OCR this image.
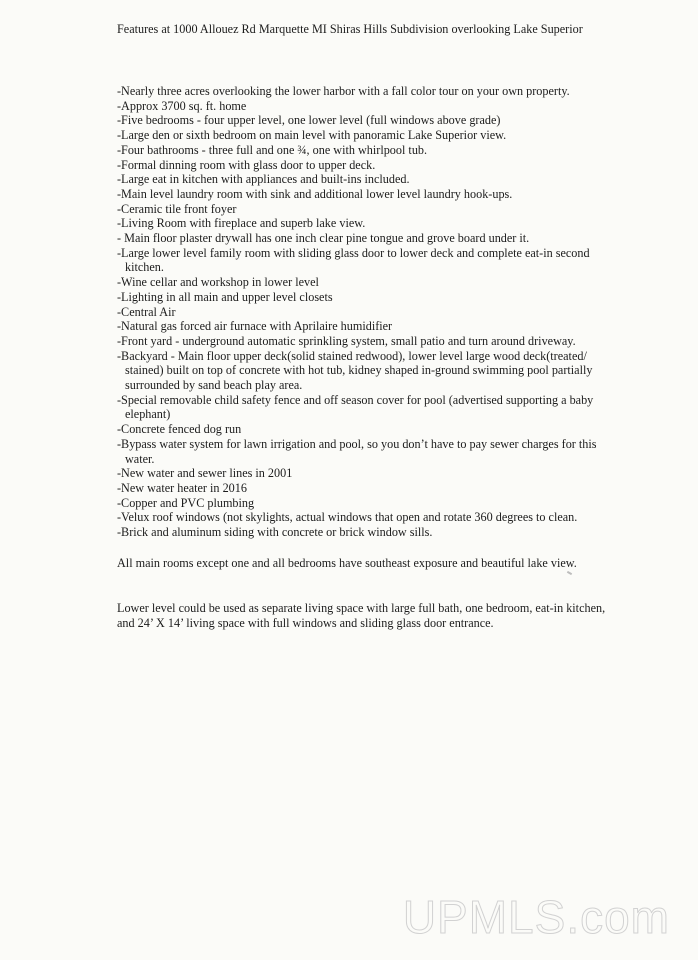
Features at 1000 Allouez Rd Marquette MI Shiras Hills Subdivision overlooking Lake Superior
-Nearly three acres overlooking the lower harbor with a fall color tour on your own property.
-Approx 3700 sq. ft. home
-Five bedrooms - four upper level, one lower level (full windows above grade)
-Large den or sixth bedroom on main level with panoramic Lake Superior view.
-Four bathrooms - three full and one ¾, one with whirlpool tub.
-Formal dinning room with glass door to upper deck.
-Large eat in kitchen with appliances and built-ins included.
-Main level laundry room with sink and additional lower level laundry hook-ups.
-Ceramic tile front foyer
-Living Room with fireplace and superb lake view.
- Main floor plaster drywall has one inch clear pine tongue and grove board under it.
-Large lower level family room with sliding glass door to lower deck and complete eat-in second kitchen.
-Wine cellar and workshop in lower level
-Lighting in all main and upper level closets
-Central Air
-Natural gas forced air furnace with Aprilaire humidifier
-Front yard - underground automatic sprinkling system, small patio and turn around driveway.
-Backyard - Main floor upper deck(solid stained redwood), lower level large wood deck(treated/ stained) built on top of concrete with hot tub, kidney shaped in-ground swimming pool partially surrounded by sand beach play area.
-Special removable child safety fence and off season cover for pool (advertised supporting a baby elephant)
-Concrete fenced dog run
-Bypass water system for lawn irrigation and pool, so you don’t have to pay sewer charges for this water.
-New water and sewer lines in 2001
-New water heater in 2016
-Copper and PVC plumbing
-Velux roof windows (not skylights, actual windows that open and rotate 360 degrees to clean.
-Brick and aluminum siding with concrete or brick window sills.

All main rooms except one and all bedrooms have southeast exposure and beautiful lake view.

Lower level could be used as separate living space with large full bath, one bedroom, eat-in kitchen, and 24’ X 14’ living space with full windows and sliding glass door entrance.

UPMLS.com
